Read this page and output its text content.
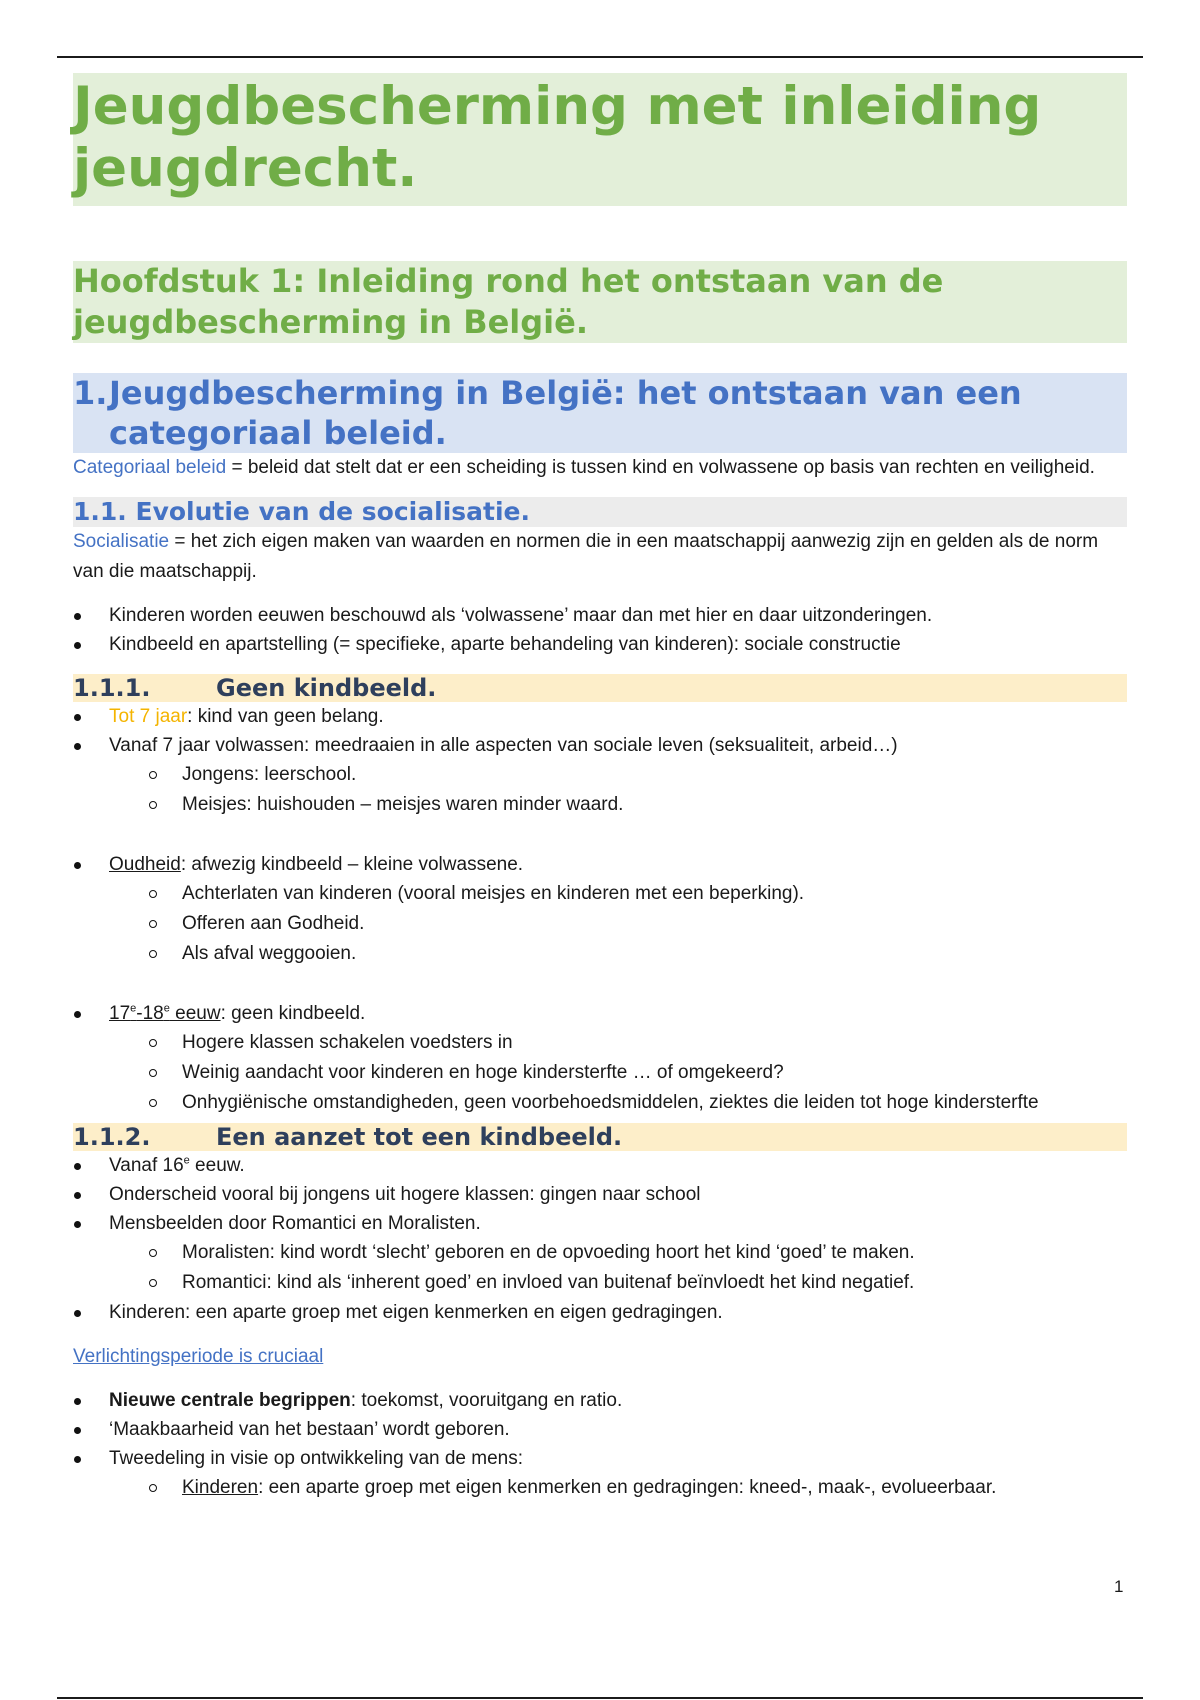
Jeugdbescherming met inleiding jeugdrecht.
Hoofdstuk 1: Inleiding rond het ontstaan van de jeugdbescherming in België.
1. Jeugdbescherming in België: het ontstaan van een categoriaal beleid.

Categoriaal beleid = beleid dat stelt dat er een scheiding is tussen kind en volwassene op basis van rechten en veiligheid.

1.1. Evolutie van de socialisatie.

Socialisatie = het zich eigen maken van waarden en normen die in een maatschappij aanwezig zijn en gelden als de norm van die maatschappij.

Kinderen worden eeuwen beschouwd als ‘volwassene’ maar dan met hier en daar uitzonderingen.
Kindbeeld en apartstelling (= specifieke, aparte behandeling van kinderen): sociale constructie
1.1.1.	Geen kindbeeld.
Tot 7 jaar: kind van geen belang.
Vanaf 7 jaar volwassen: meedraaien in alle aspecten van sociale leven (seksualiteit, arbeid…)
Jongens: leerschool.
Meisjes: huishouden – meisjes waren minder waard.
Oudheid: afwezig kindbeeld – kleine volwassene.
Achterlaten van kinderen (vooral meisjes en kinderen met een beperking).
Offeren aan Godheid.
Als afval weggooien.
17e-18e eeuw: geen kindbeeld.
Hogere klassen schakelen voedsters in
Weinig aandacht voor kinderen en hoge kindersterfte … of omgekeerd?
Onhygiënische omstandigheden, geen voorbehoedsmiddelen, ziektes die leiden tot hoge kindersterfte
1.1.2.	Een aanzet tot een kindbeeld.
Vanaf 16e eeuw.
Onderscheid vooral bij jongens uit hogere klassen: gingen naar school
Mensbeelden door Romantici en Moralisten.
Moralisten: kind wordt ‘slecht’ geboren en de opvoeding hoort het kind ‘goed’ te maken.
Romantici: kind als ‘inherent goed’ en invloed van buitenaf beïnvloedt het kind negatief.
Kinderen: een aparte groep met eigen kenmerken en eigen gedragingen.
Verlichtingsperiode is cruciaal
Nieuwe centrale begrippen: toekomst, vooruitgang en ratio.
‘Maakbaarheid van het bestaan’ wordt geboren.
Tweedeling in visie op ontwikkeling van de mens:
Kinderen: een aparte groep met eigen kenmerken en gedragingen: kneed-, maak-, evolueerbaar.
1
